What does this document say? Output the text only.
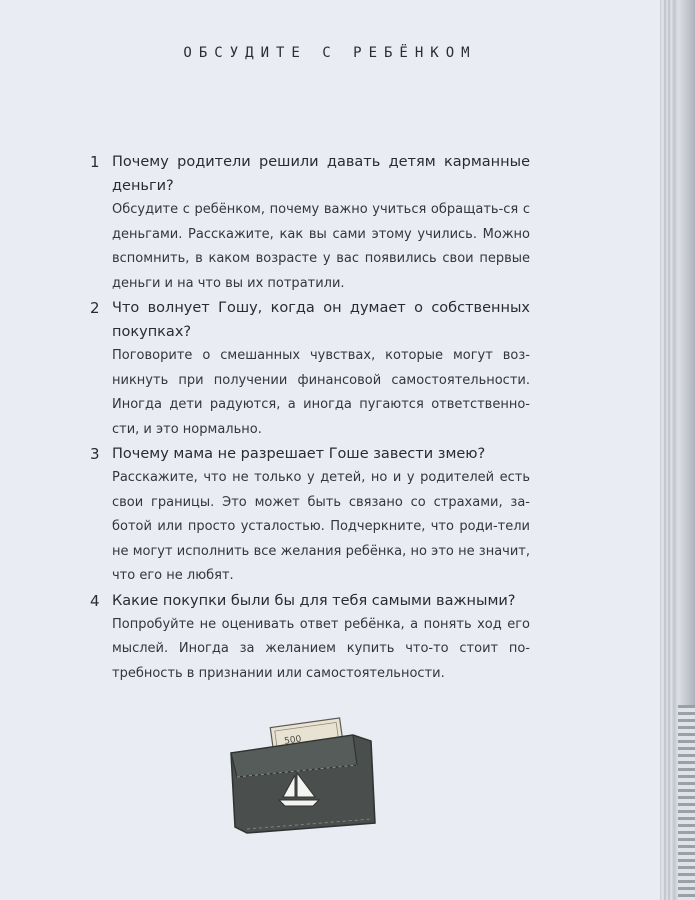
ОБСУДИТЕ С РЕБЁНКОМ
1 Почему родители решили давать детям карманные деньги?
Обсудите с ребёнком, почему важно учиться обращать-ся с деньгами. Расскажите, как вы сами этому учились. Можно вспомнить, в каком возрасте у вас появились свои первые деньги и на что вы их потратили.
2 Что волнует Гошу, когда он думает о собственных покупках?
Поговорите о смешанных чувствах, которые могут воз-никнуть при получении финансовой самостоятельности. Иногда дети радуются, а иногда пугаются ответственно-сти, и это нормально.
3 Почему мама не разрешает Гоше завести змею?
Расскажите, что не только у детей, но и у родителей есть свои границы. Это может быть связано со страхами, за-ботой или просто усталостью. Подчеркните, что роди-тели не могут исполнить все желания ребёнка, но это не значит, что его не любят.
4 Какие покупки были бы для тебя самыми важными?
Попробуйте не оценивать ответ ребёнка, а понять ход его мыслей. Иногда за желанием купить что-то стоит по-требность в признании или самостоятельности.
500
